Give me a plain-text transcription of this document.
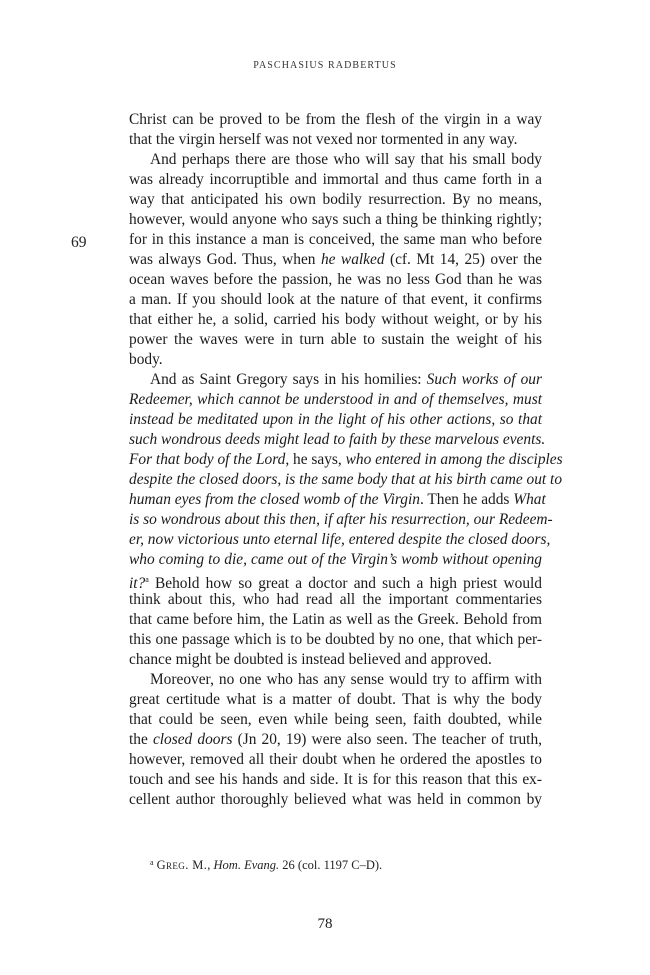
PASCHASIUS RADBERTUS
69
Christ can be proved to be from the flesh of the virgin in a way
that the virgin herself was not vexed nor tormented in any way.
And perhaps there are those who will say that his small body
was already incorruptible and immortal and thus came forth in a
way that anticipated his own bodily resurrection. By no means,
however, would anyone who says such a thing be thinking rightly;
for in this instance a man is conceived, the same man who before
was always God. Thus, when he walked (cf. Mt 14, 25) over the
ocean waves before the passion, he was no less God than he was
a man. If you should look at the nature of that event, it confirms
that either he, a solid, carried his body without weight, or by his
power the waves were in turn able to sustain the weight of his
body.
And as Saint Gregory says in his homilies: Such works of our
Redeemer, which cannot be understood in and of themselves, must
instead be meditated upon in the light of his other actions, so that
such wondrous deeds might lead to faith by these marvelous events.
For that body of the Lord, he says, who entered in among the disciples
despite the closed doors, is the same body that at his birth came out to
human eyes from the closed womb of the Virgin. Then he adds What
is so wondrous about this then, if after his resurrection, our Redeem-
er, now victorious unto eternal life, entered despite the closed doors,
who coming to die, came out of the Virgin’s womb without opening
it?$^a$ Behold how so great a doctor and such a high priest would
think about this, who had read all the important commentaries
that came before him, the Latin as well as the Greek. Behold from
this one passage which is to be doubted by no one, that which per-
chance might be doubted is instead believed and approved.
Moreover, no one who has any sense would try to affirm with
great certitude what is a matter of doubt. That is why the body
that could be seen, even while being seen, faith doubted, while
the closed doors (Jn 20, 19) were also seen. The teacher of truth,
however, removed all their doubt when he ordered the apostles to
touch and see his hands and side. It is for this reason that this ex-
cellent author thoroughly believed what was held in common by
$^a$ Greg. M., Hom. Evang. 26 (col. 1197 C–D).
78
